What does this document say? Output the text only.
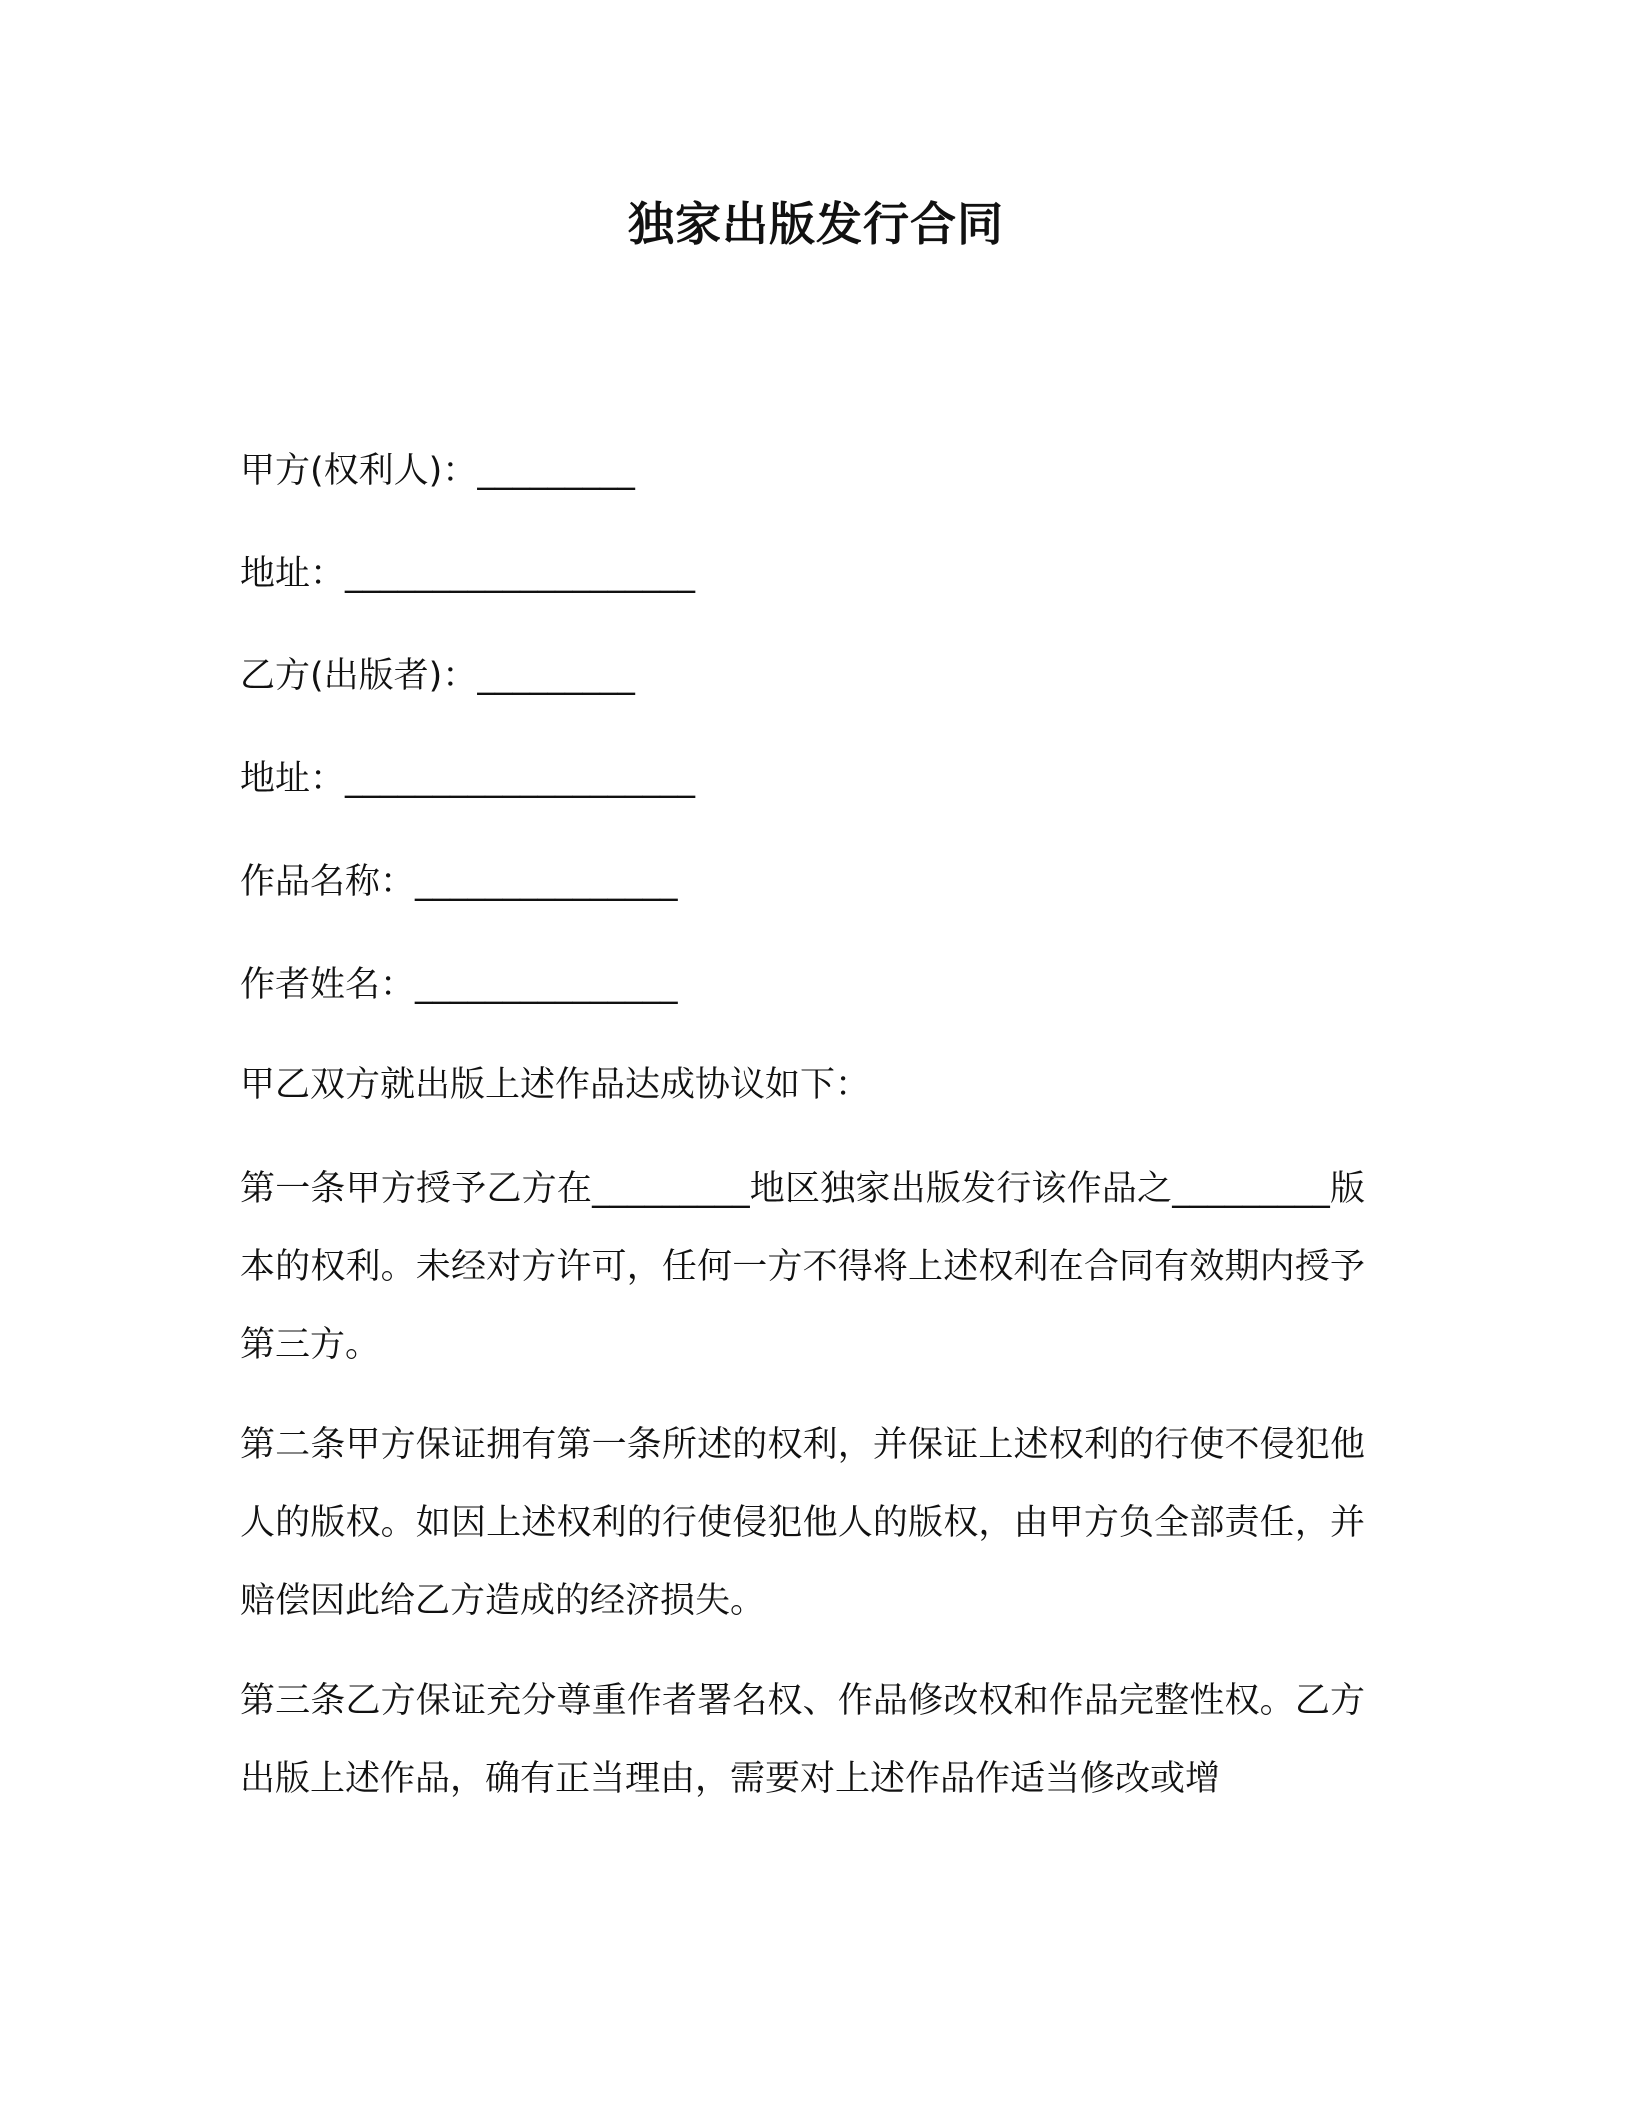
独家出版发行合同

甲方(权利人)：_________

地址：____________________

乙方(出版者)：_________

地址：____________________

作品名称：_______________

作者姓名：_______________

甲乙双方就出版上述作品达成协议如下：

第一条甲方授予乙方在_________地区独家出版发行该作品之_________版本的权利。未经对方许可，任何一方不得将上述权利在合同有效期内授予第三方。

第二条甲方保证拥有第一条所述的权利，并保证上述权利的行使不侵犯他人的版权。如因上述权利的行使侵犯他人的版权，由甲方负全部责任，并赔偿因此给乙方造成的经济损失。

第三条乙方保证充分尊重作者署名权、作品修改权和作品完整性权。乙方出版上述作品，确有正当理由，需要对上述作品作适当修改或增
